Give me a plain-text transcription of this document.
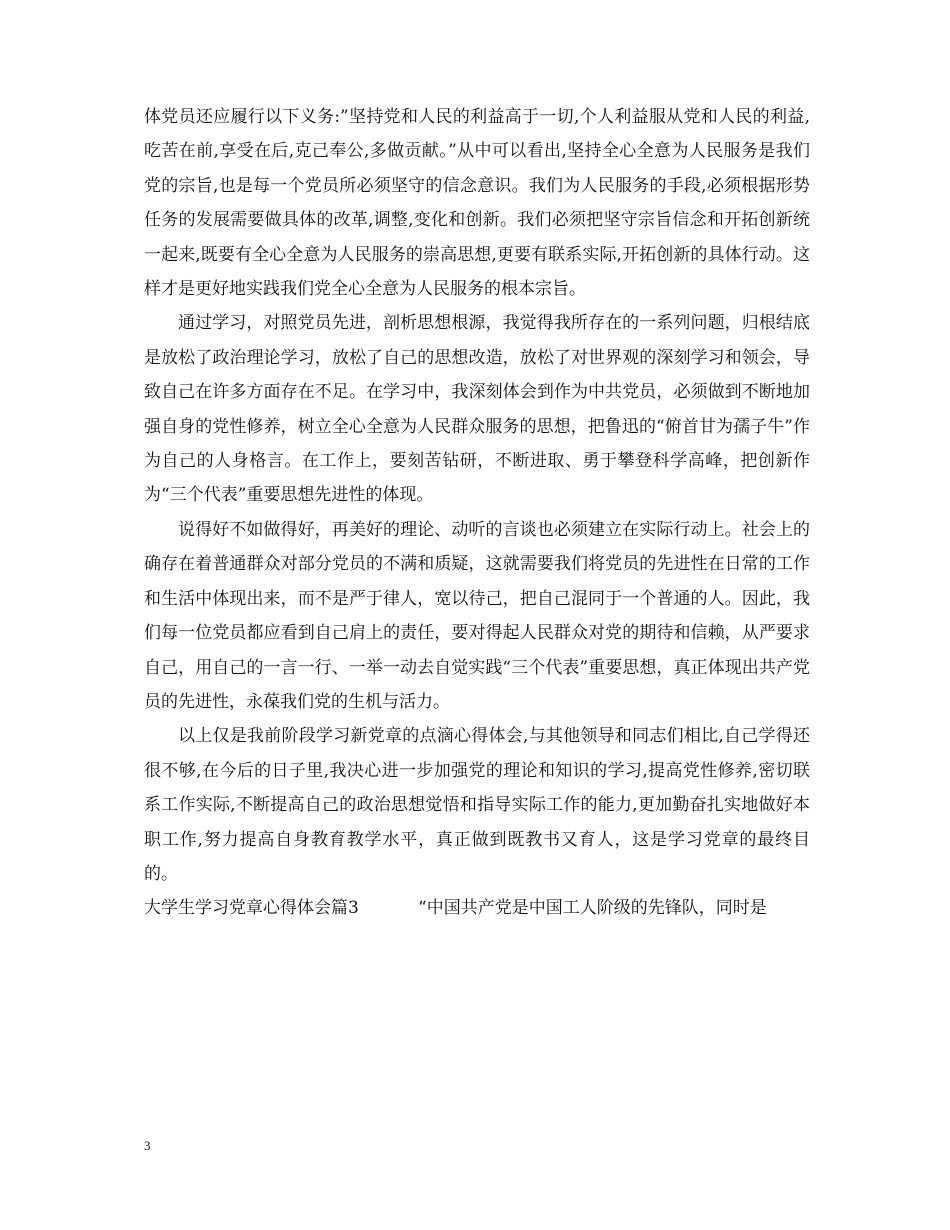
体党员还应履行以下义务:”坚持党和人民的利益高于一切,个人利益服从党和人民的利益,吃苦在前,享受在后,克己奉公,多做贡献。”从中可以看出,坚持全心全意为人民服务是我们党的宗旨,也是每一个党员所必须坚守的信念意识。我们为人民服务的手段,必须根据形势任务的发展需要做具体的改革,调整,变化和创新。我们必须把坚守宗旨信念和开拓创新统一起来,既要有全心全意为人民服务的崇高思想,更要有联系实际,开拓创新的具体行动。这样才是更好地实践我们党全心全意为人民服务的根本宗旨。

通过学习，对照党员先进，剖析思想根源，我觉得我所存在的一系列问题，归根结底是放松了政治理论学习，放松了自己的思想改造，放松了对世界观的深刻学习和领会，导致自己在许多方面存在不足。在学习中，我深刻体会到作为中共党员，必须做到不断地加强自身的党性修养，树立全心全意为人民群众服务的思想，把鲁迅的“俯首甘为孺子牛”作为自己的人身格言。在工作上，要刻苦钻研，不断进取、勇于攀登科学高峰，把创新作为“三个代表”重要思想先进性的体现。

说得好不如做得好，再美好的理论、动听的言谈也必须建立在实际行动上。社会上的确存在着普通群众对部分党员的不满和质疑，这就需要我们将党员的先进性在日常的工作和生活中体现出来，而不是严于律人，宽以待己，把自己混同于一个普通的人。因此，我们每一位党员都应看到自己肩上的责任，要对得起人民群众对党的期待和信赖，从严要求自己，用自己的一言一行、一举一动去自觉实践“三个代表”重要思想，真正体现出共产党员的先进性，永葆我们党的生机与活力。

以上仅是我前阶段学习新党章的点滴心得体会,与其他领导和同志们相比,自己学得还很不够,在今后的日子里,我决心进一步加强党的理论和知识的学习,提高党性修养,密切联系工作实际,不断提高自己的政治思想觉悟和指导实际工作的能力,更加勤奋扎实地做好本职工作,努力提高自身教育教学水平，真正做到既教书又育人，这是学习党章的最终目的。

大学生学习党章心得体会篇3	“中国共产党是中国工人阶级的先锋队，同时是

3
